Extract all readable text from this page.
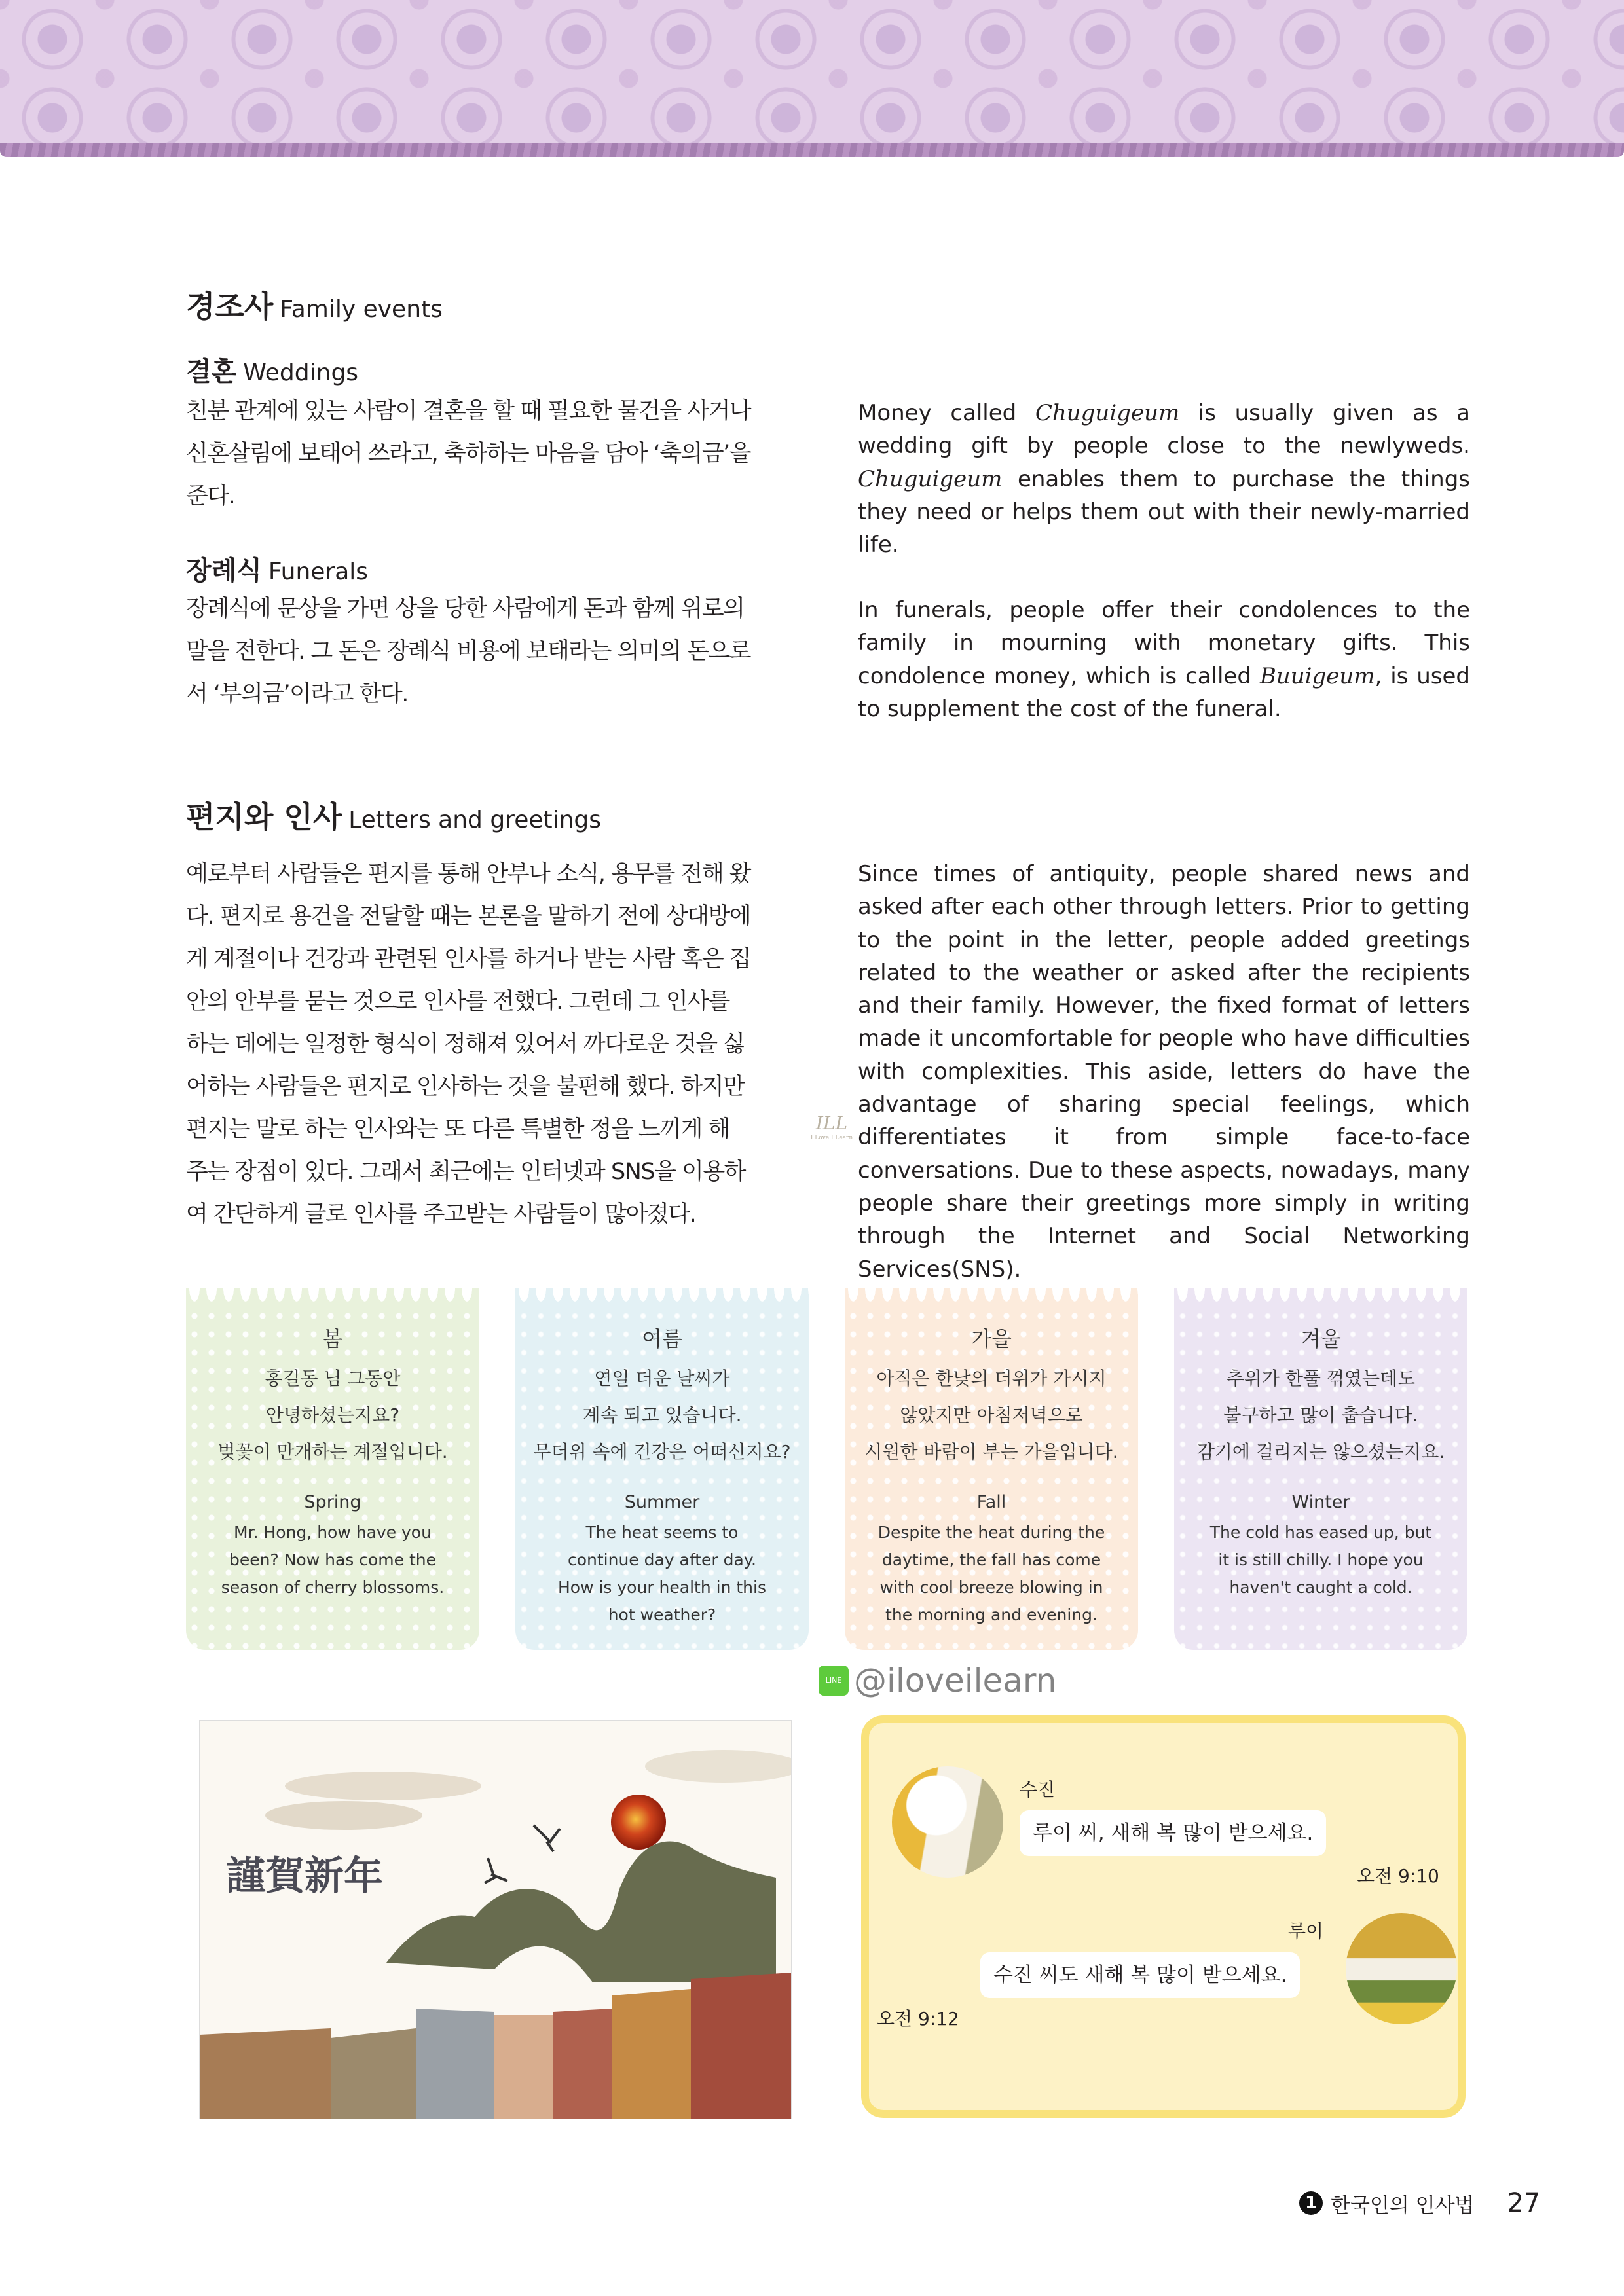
경조사 Family events
결혼 Weddings
친분 관계에 있는 사람이 결혼을 할 때 필요한 물건을 사거나
신혼살림에 보태어 쓰라고, 축하하는 마음을 담아 ‘축의금’을
준다.
Money called Chuguigeum is usually given as a wedding gift by people close to the newlyweds. Chuguigeum enables them to purchase the things they need or helps them out with their newly-married life.
장례식 Funerals
장례식에 문상을 가면 상을 당한 사람에게 돈과 함께 위로의
말을 전한다. 그 돈은 장례식 비용에 보태라는 의미의 돈으로
서 ‘부의금’이라고 한다.
In funerals, people offer their condolences to the family in mourning with monetary gifts. This condolence money, which is called Buuigeum, is used to supplement the cost of the funeral.
편지와 인사 Letters and greetings
예로부터 사람들은 편지를 통해 안부나 소식, 용무를 전해 왔
다. 편지로 용건을 전달할 때는 본론을 말하기 전에 상대방에
게 계절이나 건강과 관련된 인사를 하거나 받는 사람 혹은 집
안의 안부를 묻는 것으로 인사를 전했다. 그런데 그 인사를
하는 데에는 일정한 형식이 정해져 있어서 까다로운 것을 싫
어하는 사람들은 편지로 인사하는 것을 불편해 했다. 하지만
편지는 말로 하는 인사와는 또 다른 특별한 정을 느끼게 해
주는 장점이 있다. 그래서 최근에는 인터넷과 SNS을 이용하
여 간단하게 글로 인사를 주고받는 사람들이 많아졌다.
Since times of antiquity, people shared news and asked after each other through letters. Prior to getting to the point in the letter, people added greetings related to the weather or asked after the recipients and their family. However, the fixed format of letters made it uncomfortable for people who have difficulties with complexities. This aside, letters do have the advantage of sharing special feelings, which differentiates it from simple face-to-face conversations. Due to these aspects, nowadays, many people share their greetings more simply in writing through the Internet and Social Networking Services(SNS).
ILL
I Love I Learn
봄
홍길동 님 그동안
안녕하셨는지요?
벚꽃이 만개하는 계절입니다.
Spring
Mr. Hong, how have you
been? Now has come the
season of cherry blossoms.
여름
연일 더운 날씨가
계속 되고 있습니다.
무더위 속에 건강은 어떠신지요?
Summer
The heat seems to
continue day after day.
How is your health in this
hot weather?
가을
아직은 한낮의 더위가 가시지
않았지만 아침저녁으로
시원한 바람이 부는 가을입니다.
Fall
Despite the heat during the
daytime, the fall has come
with cool breeze blowing in
the morning and evening.
겨울
추위가 한풀 꺾였는데도
불구하고 많이 춥습니다.
감기에 걸리지는 않으셨는지요.
Winter
The cold has eased up, but
it is still chilly. I hope you
haven't caught a cold.
LINE @iloveilearn
謹賀新年
수진
루이 씨, 새해 복 많이 받으세요.
오전 9:10
루이
수진 씨도 새해 복 많이 받으세요.
오전 9:12
1 한국인의 인사법 27
